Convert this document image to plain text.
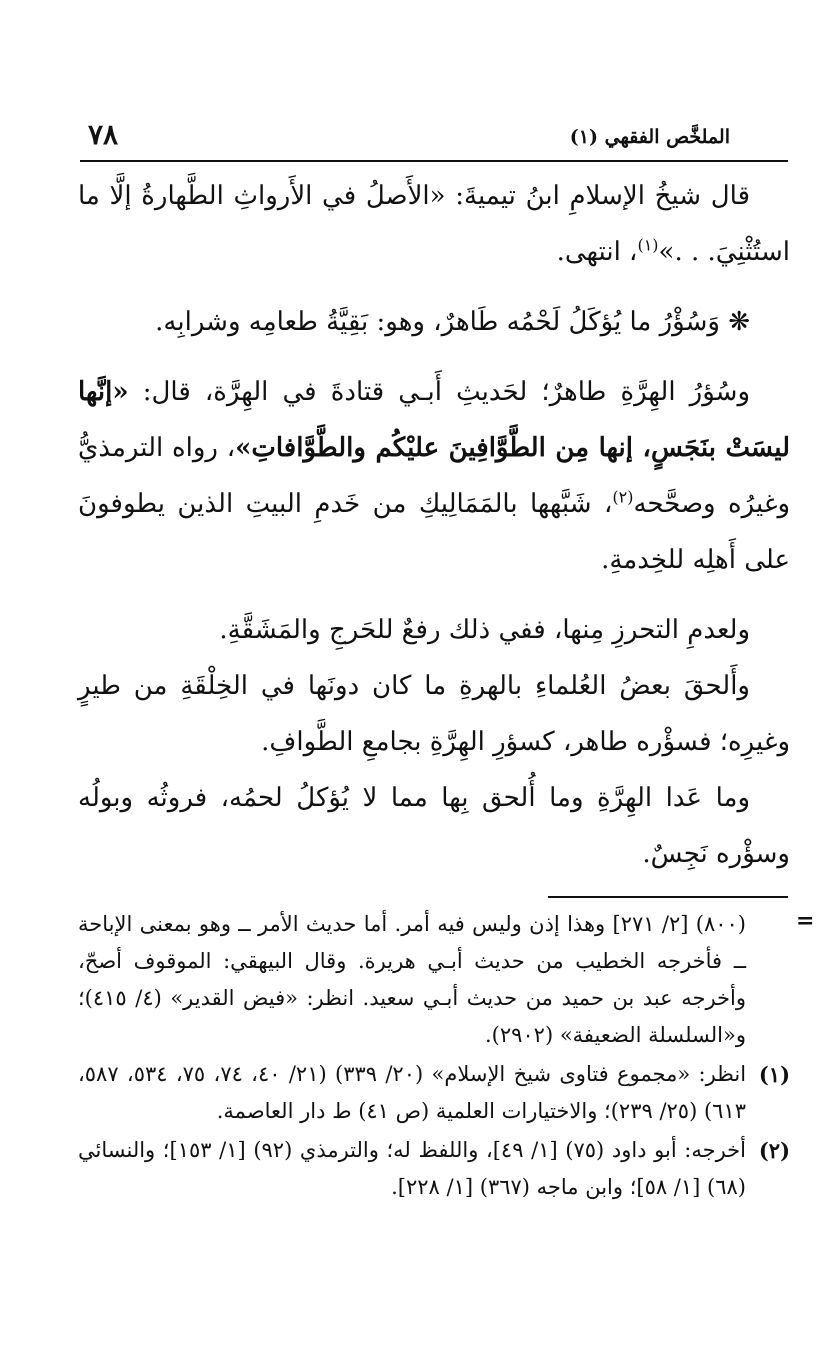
٧٨	الملخَّص الفقهي (١)

قال شيخُ الإسلامِ ابنُ تيميةَ: «الأَصلُ في الأَرواثِ الطَّهارةُ إلَّا ما استُثْنِيَ. . .»$^{(١)}$، انتهى.

❋ وَسُؤْرُ ما يُؤكَلُ لَحْمُه طَاهرٌ، وهو: بَقِيَّةُ طعامِه وشرابِه.

وسُؤرُ الهِرَّةِ طاهرٌ؛ لحَديثِ أَبـي قتادةَ في الهِرَّة، قال: «إنَّها ليسَتْ بنَجَسٍ، إنها مِن الطَّوَّافِينَ عليْكُم والطَّوَّافاتِ»، رواه الترمذيُّ وغيرُه وصحَّحه$^{(٢)}$، شَبَّهها بالمَمَالِيكِ من خَدمِ البيتِ الذين يطوفونَ على أَهلِه للخِدمةِ.

ولعدمِ التحرزِ مِنها، ففي ذلك رفعٌ للحَرجِ والمَشَقَّةِ.

وأَلحقَ بعضُ العُلماءِ بالهرةِ ما كان دونَها في الخِلْقَةِ من طيرٍ وغيرِه؛ فسؤْره طاهر، كسؤرِ الهِرَّةِ بجامعِ الطَّوافِ.

وما عَدا الهِرَّةِ وما أُلحق بِها مما لا يُؤكلُ لحمُه، فروثُه وبولُه وسؤْره نَجِسٌ.

=
(٨٠٠) [٢/ ٢٧١] وهذا إذن وليس فيه أمر. أما حديث الأمر ــ وهو بمعنى الإباحة ــ فأخرجه الخطيب من حديث أبـي هريرة. وقال البيهقي: الموقوف أصحّ، وأخرجه عبد بن حميد من حديث أبـي سعيد. انظر: «فيض القدير» (٤/ ٤١٥)؛ و«السلسلة الضعيفة» (٢٩٠٢).
(١)
انظر: «مجموع فتاوى شيخ الإسلام» (٢٠/ ٣٣٩) (٢١/ ٤٠، ٧٤، ٧٥، ٥٣٤، ٥٨٧، ٦١٣) (٢٥/ ٢٣٩)؛ والاختيارات العلمية (ص ٤١) ط دار العاصمة.
(٢)
أخرجه: أبو داود (٧٥) [١/ ٤٩]، واللفظ له؛ والترمذي (٩٢) [١/ ١٥٣]؛ والنسائي (٦٨) [١/ ٥٨]؛ وابن ماجه (٣٦٧) [١/ ٢٢٨].
